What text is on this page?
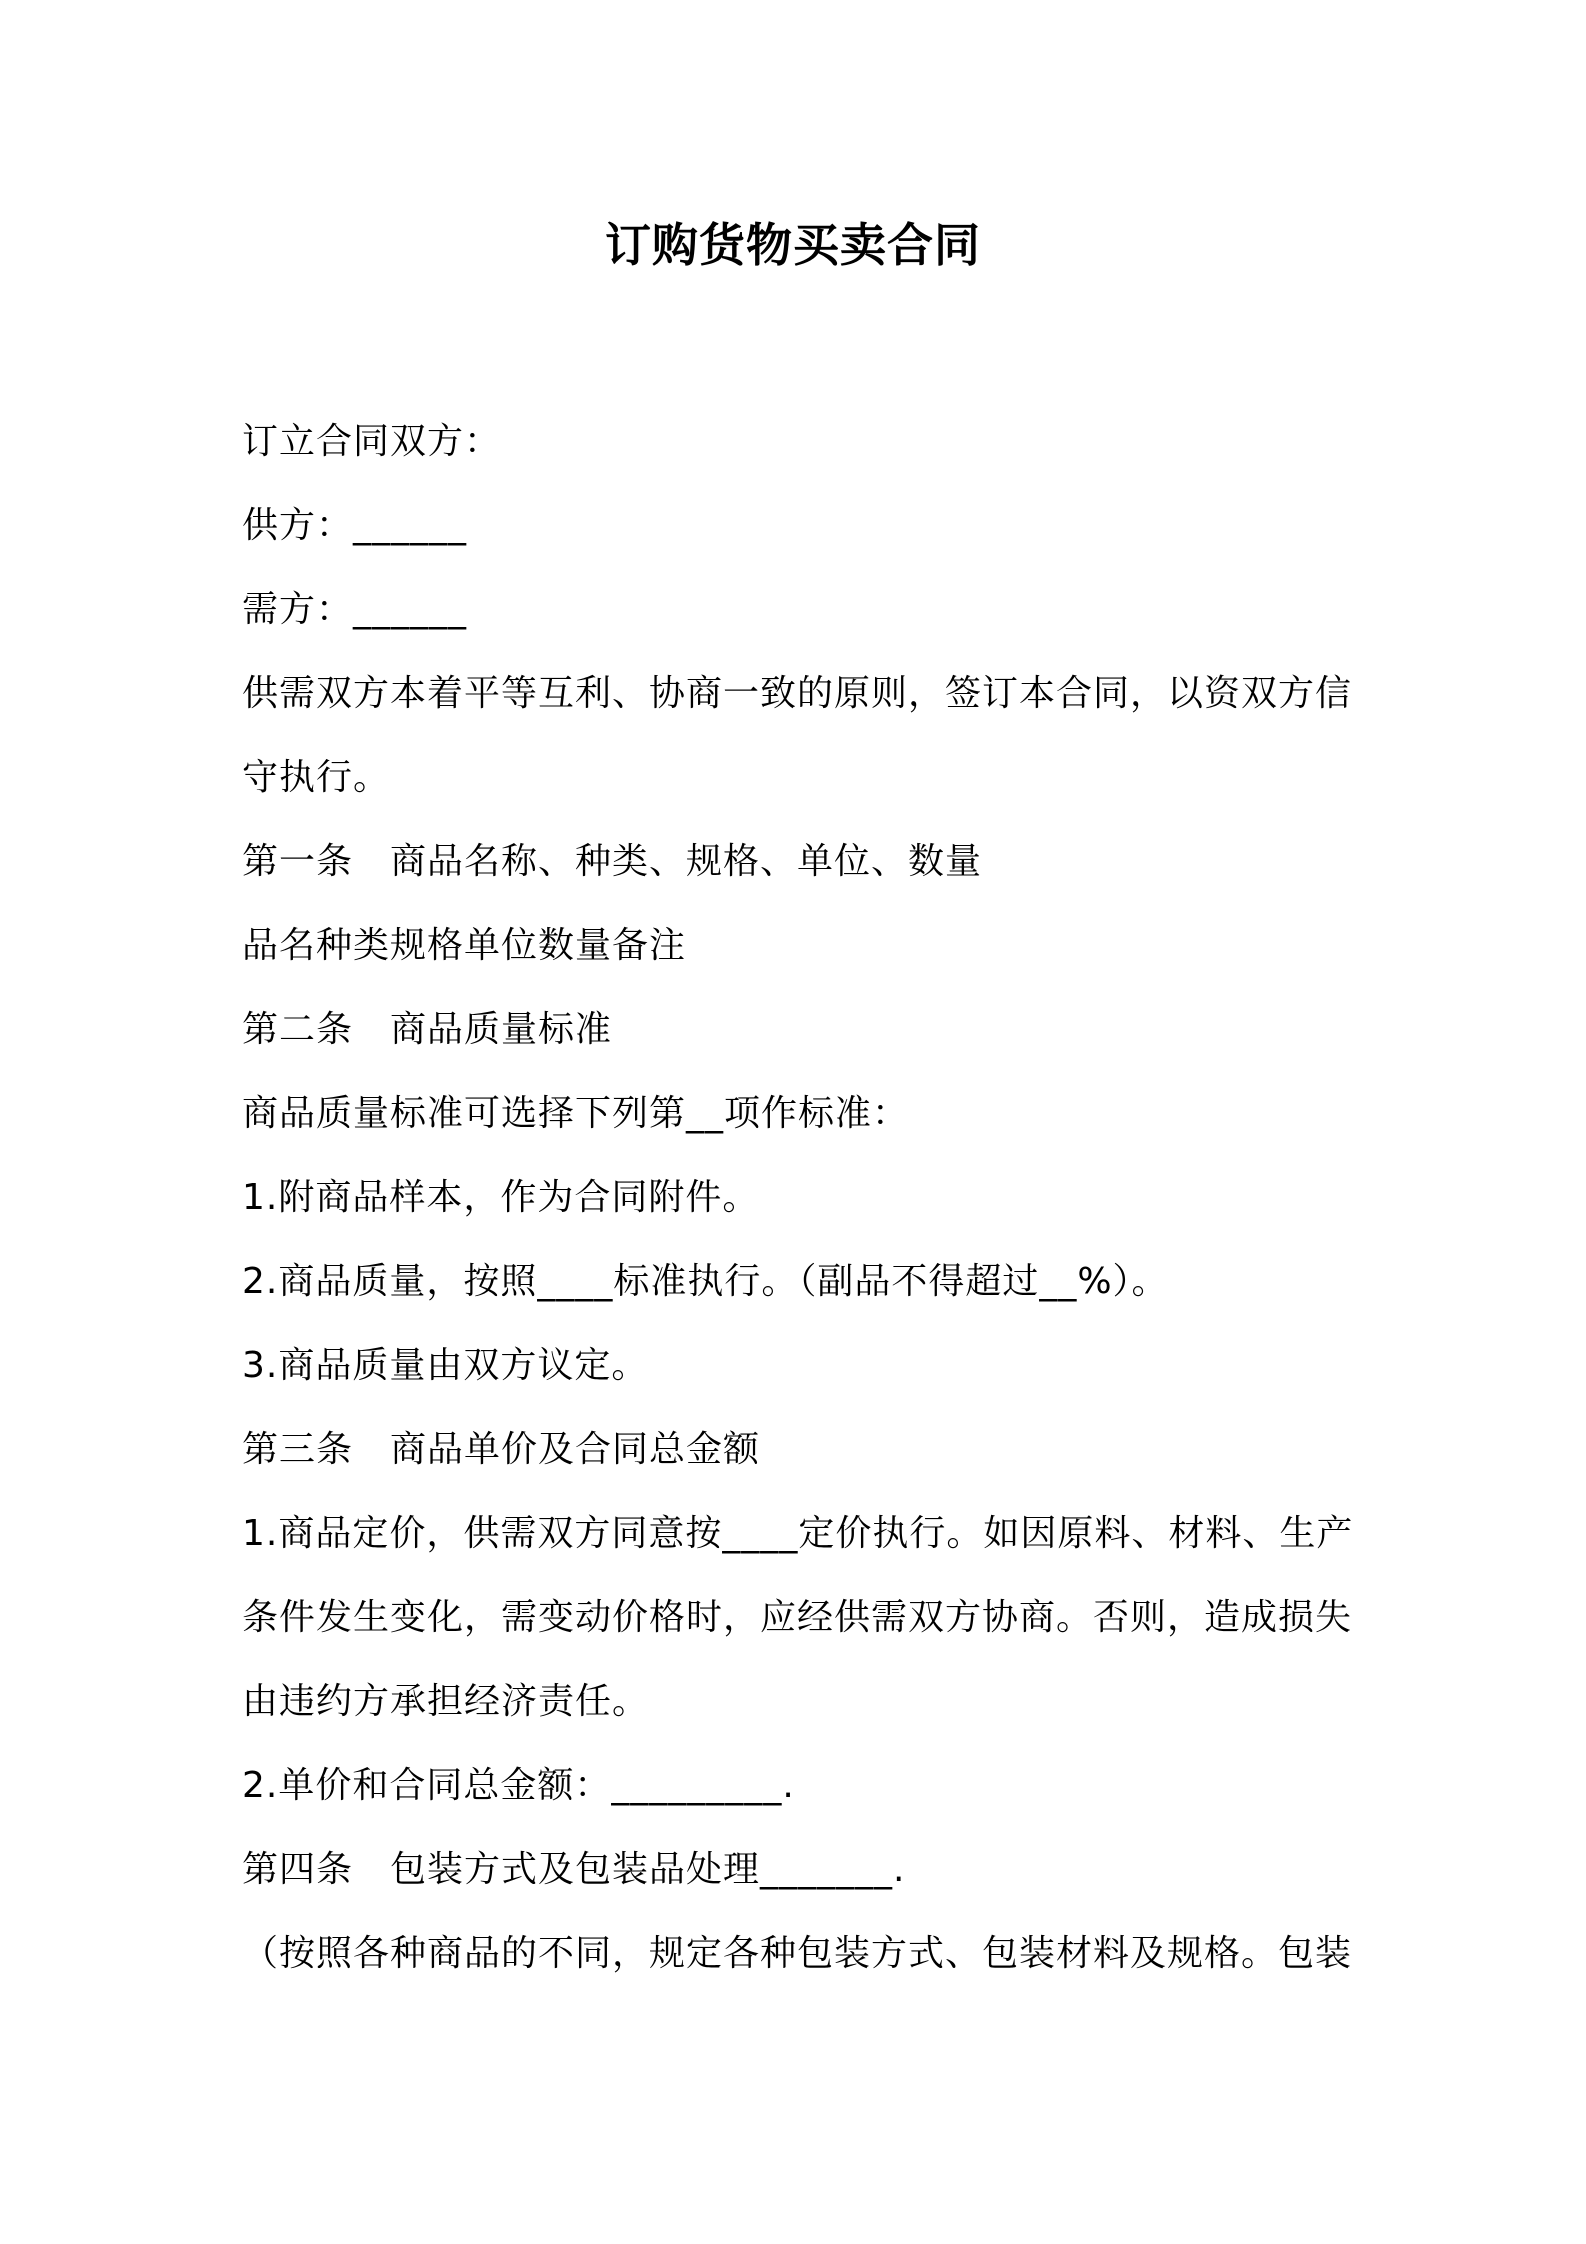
订购货物买卖合同
订立合同双方：
供方：______
需方：______
供需双方本着平等互利、协商一致的原则，签订本合同，以资双方信
守执行。
第一条　商品名称、种类、规格、单位、数量
品名种类规格单位数量备注
第二条　商品质量标准
商品质量标准可选择下列第__项作标准：
1.附商品样本，作为合同附件。
2.商品质量，按照____标准执行。（副品不得超过__%）。
3.商品质量由双方议定。
第三条　商品单价及合同总金额
1.商品定价，供需双方同意按____定价执行。如因原料、材料、生产
条件发生变化，需变动价格时，应经供需双方协商。否则，造成损失
由违约方承担经济责任。
2.单价和合同总金额：_________.
第四条　包装方式及包装品处理_______.
（按照各种商品的不同，规定各种包装方式、包装材料及规格。包装
